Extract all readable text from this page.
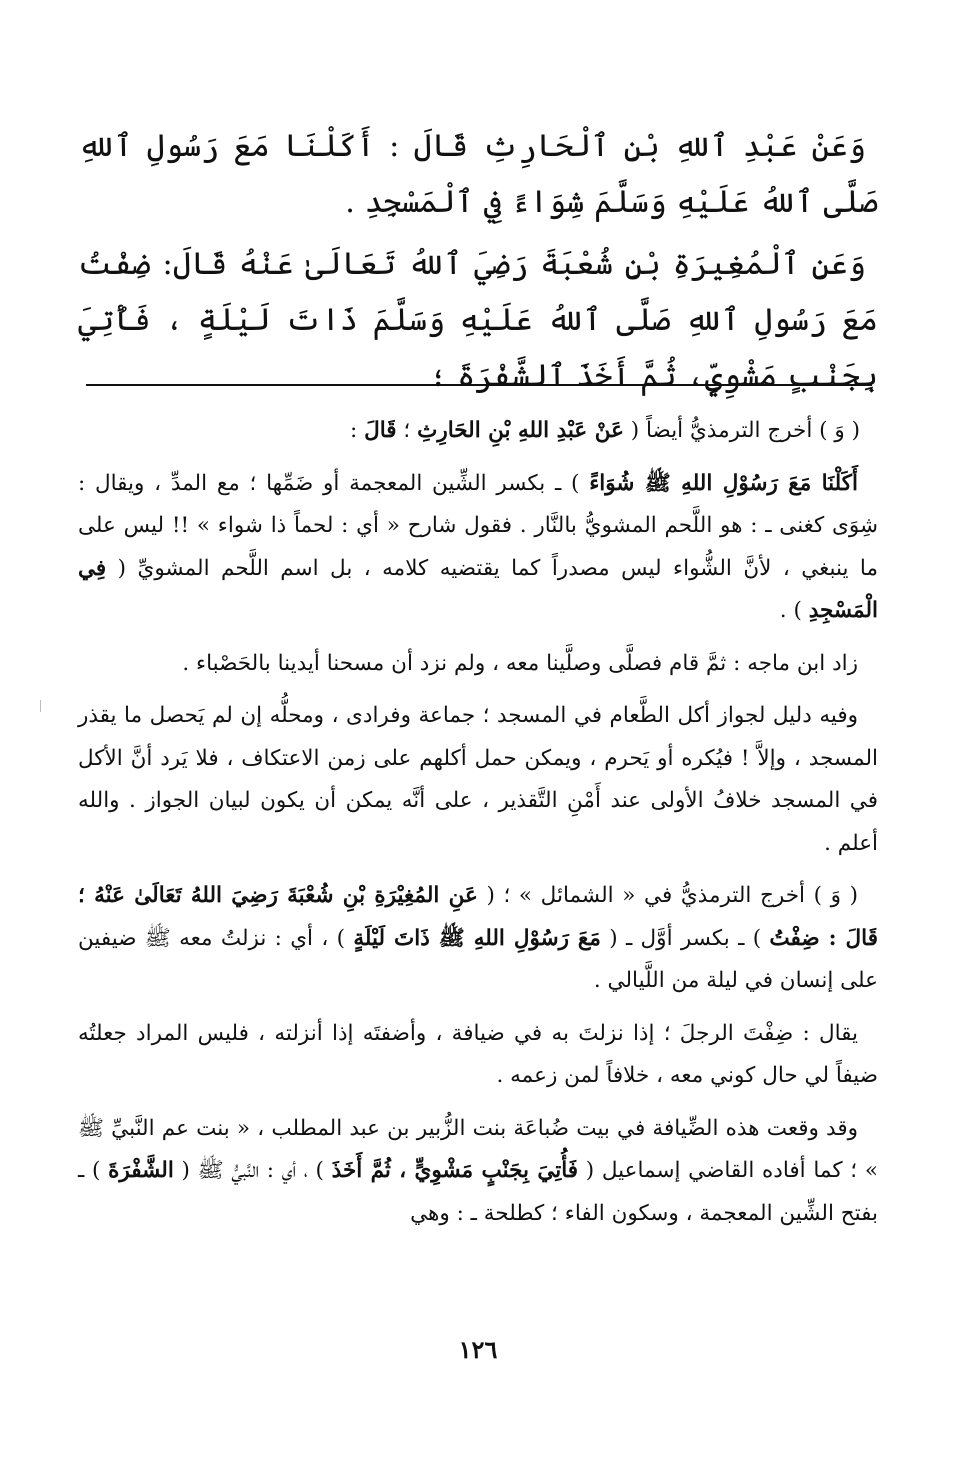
وَعَنْ عَبْدِ ٱللهِ بْنِ ٱلْحَارِثِ قَالَ : أَكَلْنَا مَعَ رَسُولِ ٱللهِ صَلَّى ٱللهُ عَلَيْهِ وَسَلَّمَ شِوَاءً فِي ٱلْمَسْجِدِ .

وَعَنِ ٱلْمُغِيرَةِ بْنِ شُعْبَةَ رَضِيَ ٱللهُ تَعَالَىٰ عَنْهُ قَالَ: ضِفْتُ مَعَ رَسُولِ ٱللهِ صَلَّى ٱللهُ عَلَيْهِ وَسَلَّمَ ذَاتَ لَيْلَةٍ ، فَأُتِيَ بِجَنْبٍ مَشْوِيٍّ، ثُمَّ أَخَذَ ٱلشَّفْرَةَ ؛

( وَ ) أخرج الترمذيُّ أيضاً ( عَنْ عَبْدِ اللهِ بْنِ الحَارِثِ ؛ قَالَ :

أَكَلْنَا مَعَ رَسُوْلِ اللهِ ﷺ شُوَاءً ) ـ بكسر الشِّين المعجمة أو ضَمِّها ؛ مع المدِّ ، ويقال : شِوَى كغنى ـ : هو اللَّحم المشويُّ بالنَّار . فقول شارح « أي : لحماً ذا شواء » !! ليس على ما ينبغي ، لأنَّ الشُّواء ليس مصدراً كما يقتضيه كلامه ، بل اسم اللَّحم المشويِّ ( فِي الْمَسْجِدِ ) .

زاد ابن ماجه : ثمَّ قام فصلَّى وصلَّينا معه ، ولم نزد أن مسحنا أيدينا بالحَصْباء .

وفيه دليل لجواز أكل الطَّعام في المسجد ؛ جماعة وفرادى ، ومحلُّه إن لم يَحصل ما يقذر المسجد ، وإلاَّ ! فيُكره أو يَحرم ، ويمكن حمل أكلهم على زمن الاعتكاف ، فلا يَرد أنَّ الأكل في المسجد خلافُ الأولى عند أَمْنِ التَّقذير ، على أنَّه يمكن أن يكون لبيان الجواز . والله أعلم .

( وَ ) أخرج الترمذيُّ في « الشمائل » ؛ ( عَنِ المُغِيْرَةِ بْنِ شُعْبَةَ رَضِيَ اللهُ تَعَالَىٰ عَنْهُ ؛ قَالَ : ضِفْتُ ) ـ بكسر أوَّل ـ ( مَعَ رَسُوْلِ اللهِ ﷺ ذَاتَ لَيْلَةٍ ) ، أي : نزلتُ معه ﷺ ضيفين على إنسان في ليلة من اللَّيالي .

يقال : ضِفْتَ الرجلَ ؛ إذا نزلتَ به في ضيافة ، وأضفتَه إذا أنزلته ، فليس المراد جعلتُه ضيفاً لي حال كوني معه ، خلافاً لمن زعمه .

وقد وقعت هذه الضِّيافة في بيت ضُباعَة بنت الزُّبير بن عبد المطلب ، « بنت عم النَّبيِّ ﷺ » ؛ كما أفاده القاضي إسماعيل ( فَأُتِيَ بِجَنْبٍ مَشْوِيٍّ ، ثُمَّ أَخَذَ ) ، أي : النَّبيُّ ﷺ ( الشَّفْرَةَ ) ـ بفتح الشِّين المعجمة ، وسكون الفاء ؛ كطلحة ـ : وهي

١٢٦
